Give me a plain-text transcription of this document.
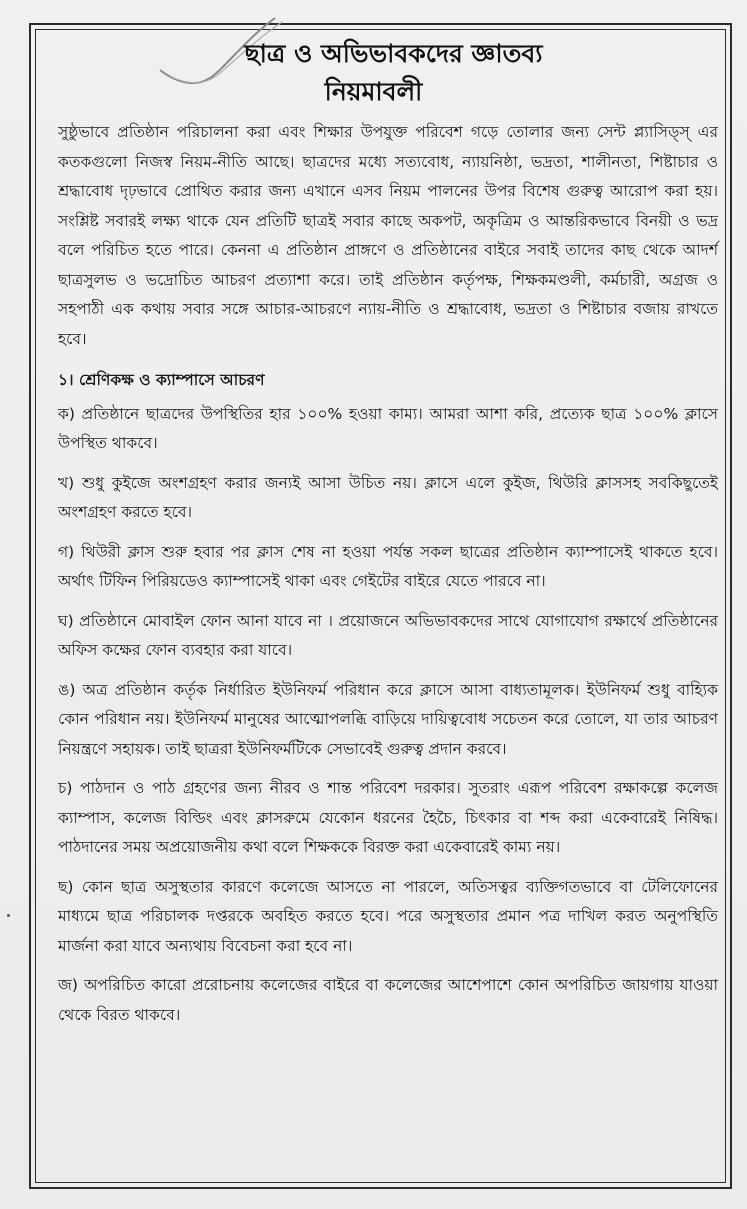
ছাত্র ও অভিভাবকদের জ্ঞাতব্য
নিয়মাবলী

সুষ্ঠুভাবে প্রতিষ্ঠান পরিচালনা করা এবং শিক্ষার উপযুক্ত পরিবেশ গড়ে তোলার জন্য সেন্ট প্ল্যাসিড্স্ এর কতকগুলো নিজস্ব নিয়ম-নীতি আছে। ছাত্রদের মধ্যে সত্যবোধ, ন্যায়নিষ্ঠা, ভদ্রতা, শালীনতা, শিষ্টাচার ও শ্রদ্ধাবোধ দৃঢ়ভাবে প্রোথিত করার জন্য এখানে এসব নিয়ম পালনের উপর বিশেষ গুরুত্ব আরোপ করা হয়। সংশ্লিষ্ট সবারই লক্ষ্য থাকে যেন প্রতিটি ছাত্রই সবার কাছে অকপট, অকৃত্রিম ও আন্তরিকভাবে বিনয়ী ও ভদ্র বলে পরিচিত হতে পারে। কেননা এ প্রতিষ্ঠান প্রাঙ্গণে ও প্রতিষ্ঠানের বাইরে সবাই তাদের কাছ থেকে আদর্শ ছাত্রসুলভ ও ভদ্রোচিত আচরণ প্রত্যাশা করে। তাই প্রতিষ্ঠান কর্তৃপক্ষ, শিক্ষকমণ্ডলী, কর্মচারী, অগ্রজ ও সহপাঠী এক কথায় সবার সঙ্গে আচার-আচরণে ন্যায়-নীতি ও শ্রদ্ধাবোধ, ভদ্রতা ও শিষ্টাচার বজায় রাখতে হবে।

১। শ্রেণিকক্ষ ও ক্যাম্পাসে আচরণ

ক) প্রতিষ্ঠানে ছাত্রদের উপস্থিতির হার ১০০% হওয়া কাম্য। আমরা আশা করি, প্রত্যেক ছাত্র ১০০% ক্লাসে উপস্থিত থাকবে।

খ) শুধু কুইজে অংশগ্রহণ করার জন্যই আসা উচিত নয়। ক্লাসে এলে কুইজ, থিউরি ক্লাসসহ সবকিছুতেই অংশগ্রহণ করতে হবে।

গ) থিউরী ক্লাস শুরু হবার পর ক্লাস শেষ না হওয়া পর্যন্ত সকল ছাত্রের প্রতিষ্ঠান ক্যাম্পাসেই থাকতে হবে। অর্থাৎ টিফিন পিরিয়ডেও ক্যাম্পাসেই থাকা এবং গেইটের বাইরে যেতে পারবে না।

ঘ) প্রতিষ্ঠানে মোবাইল ফোন আনা যাবে না । প্রয়োজনে অভিভাবকদের সাথে যোগাযোগ রক্ষার্থে প্রতিষ্ঠানের অফিস কক্ষের ফোন ব্যবহার করা যাবে।

ঙ) অত্র প্রতিষ্ঠান কর্তৃক নির্ধারিত ইউনিফর্ম পরিধান করে ক্লাসে আসা বাধ্যতামূলক। ইউনিফর্ম শুধু বাহ্যিক কোন পরিধান নয়। ইউনিফর্ম মানুষের আত্মোপলব্ধি বাড়িয়ে দায়িত্ববোধ সচেতন করে তোলে, যা তার আচরণ নিয়ন্ত্রণে সহায়ক। তাই ছাত্ররা ইউনিফর্মটিকে সেভাবেই গুরুত্ব প্রদান করবে।

চ) পাঠদান ও পাঠ গ্রহণের জন্য নীরব ও শান্ত পরিবেশ দরকার। সুতরাং এরূপ পরিবেশ রক্ষাকল্পে কলেজ ক্যাম্পাস, কলেজ বিল্ডিং এবং ক্লাসরুমে যেকোন ধরনের হৈচৈ, চিৎকার বা শব্দ করা একেবারেই নিষিদ্ধ। পাঠদানের সময় অপ্রয়োজনীয় কথা বলে শিক্ষককে বিরক্ত করা একেবারেই কাম্য নয়।

ছ) কোন ছাত্র অসুস্থতার কারণে কলেজে আসতে না পারলে, অতিসত্বর ব্যক্তিগতভাবে বা টেলিফোনের মাধ্যমে ছাত্র পরিচালক দপ্তরকে অবহিত করতে হবে। পরে অসুস্থতার প্রমান পত্র দাখিল করত অনুপস্থিতি মার্জনা করা যাবে অন্যথায় বিবেচনা করা হবে না।

জ) অপরিচিত কারো প্ররোচনায় কলেজের বাইরে বা কলেজের আশেপাশে কোন অপরিচিত জায়গায় যাওয়া থেকে বিরত থাকবে।
